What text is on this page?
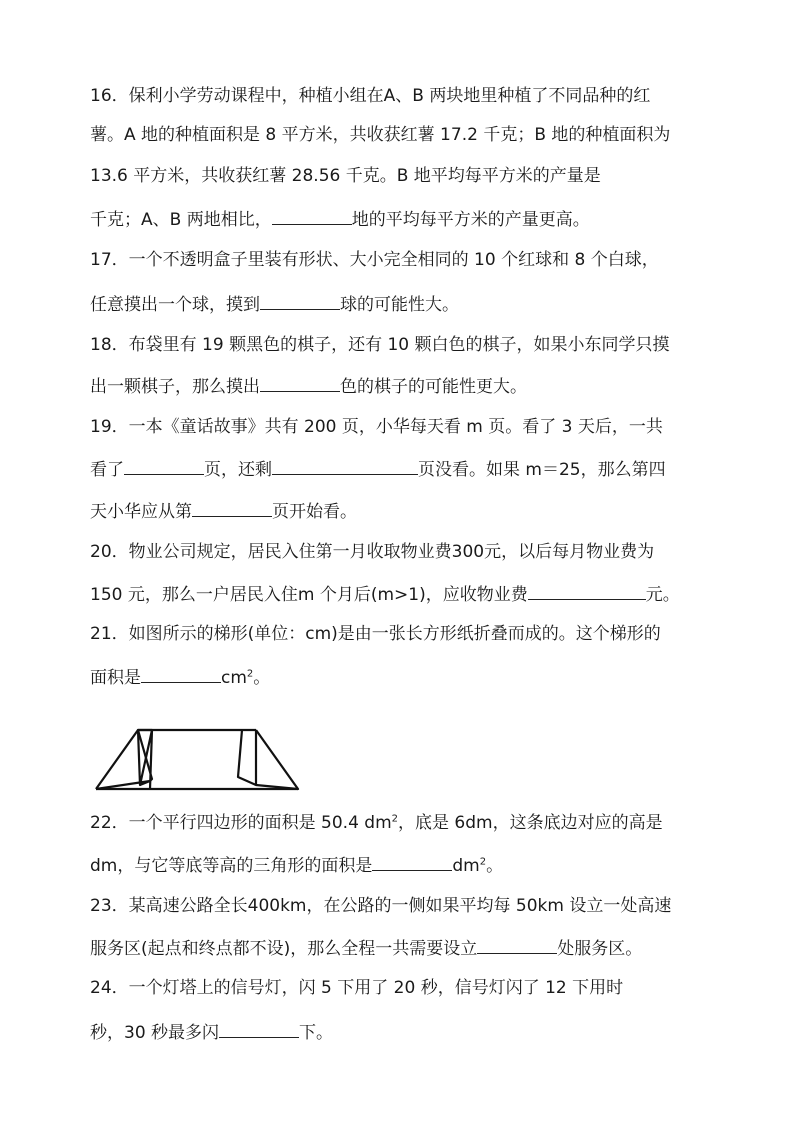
16．保利小学劳动课程中，种植小组在A、B 两块地里种植了不同品种的红
薯。A 地的种植面积是 8 平方米，共收获红薯 17.2 千克；B 地的种植面积为
13.6 平方米，共收获红薯 28.56 千克。B 地平均每平方米的产量是
千克；A、B 两地相比，	地的平均每平方米的产量更高。
17．一个不透明盒子里装有形状、大小完全相同的 10 个红球和 8 个白球，
任意摸出一个球，摸到	球的可能性大。
18．布袋里有 19 颗黑色的棋子，还有 10 颗白色的棋子，如果小东同学只摸
出一颗棋子，那么摸出	色的棋子的可能性更大。
19．一本《童话故事》共有 200 页，小华每天看 m 页。看了 3 天后，一共
看了	页，还剩	页没看。如果 m＝25，那么第四
天小华应从第	页开始看。
20．物业公司规定，居民入住第一月收取物业费300元，以后每月物业费为
150 元，那么一户居民入住m 个月后(m>1)，应收物业费	元。
21．如图所示的梯形(单位：cm)是由一张长方形纸折叠而成的。这个梯形的
面积是	$cm^2$。
22．一个平行四边形的面积是 50.4 $dm^2$，底是 6dm，这条底边对应的高是
dm，与它等底等高的三角形的面积是	$dm^2$。
23．某高速公路全长400km，在公路的一侧如果平均每 50km 设立一处高速
服务区(起点和终点都不设)，那么全程一共需要设立	处服务区。
24．一个灯塔上的信号灯，闪 5 下用了 20 秒，信号灯闪了 12 下用时
秒，30 秒最多闪	下。
